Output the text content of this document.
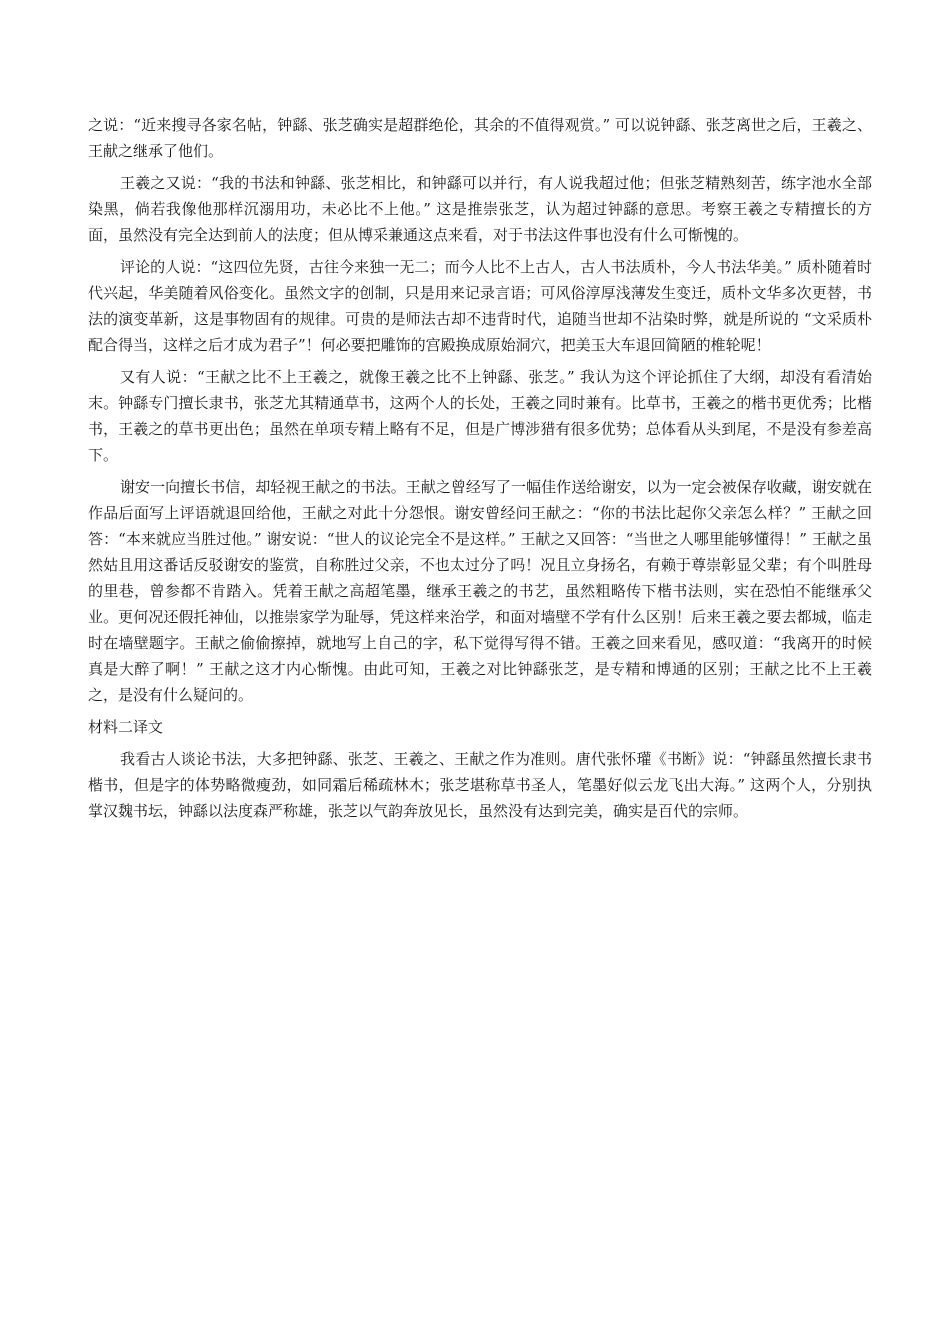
之说：“近来搜寻各家名帖，钟繇、张芝确实是超群绝伦，其余的不值得观赏。” 可以说钟繇、张芝离世之后，王羲之、王献之继承了他们。

王羲之又说：“我的书法和钟繇、张芝相比，和钟繇可以并行，有人说我超过他；但张芝精熟刻苦，练字池水全部染黑，倘若我像他那样沉溺用功，未必比不上他。” 这是推崇张芝，认为超过钟繇的意思。考察王羲之专精擅长的方面，虽然没有完全达到前人的法度；但从博采兼通这点来看，对于书法这件事也没有什么可惭愧的。

评论的人说：“这四位先贤，古往今来独一无二；而今人比不上古人，古人书法质朴，今人书法华美。” 质朴随着时代兴起，华美随着风俗变化。虽然文字的创制，只是用来记录言语；可风俗淳厚浅薄发生变迁，质朴文华多次更替，书法的演变革新，这是事物固有的规律。可贵的是师法古却不违背时代，追随当世却不沾染时弊，就是所说的 “文采质朴配合得当，这样之后才成为君子”！何必要把雕饰的宫殿换成原始洞穴，把美玉大车退回简陋的椎轮呢！

又有人说：“王献之比不上王羲之，就像王羲之比不上钟繇、张芝。” 我认为这个评论抓住了大纲，却没有看清始末。钟繇专门擅长隶书，张芝尤其精通草书，这两个人的长处，王羲之同时兼有。比草书，王羲之的楷书更优秀；比楷书，王羲之的草书更出色；虽然在单项专精上略有不足，但是广博涉猎有很多优势；总体看从头到尾，不是没有参差高下。

谢安一向擅长书信，却轻视王献之的书法。王献之曾经写了一幅佳作送给谢安，以为一定会被保存收藏，谢安就在作品后面写上评语就退回给他，王献之对此十分怨恨。谢安曾经问王献之：“你的书法比起你父亲怎么样？” 王献之回答：“本来就应当胜过他。” 谢安说：“世人的议论完全不是这样。” 王献之又回答：“当世之人哪里能够懂得！” 王献之虽然姑且用这番话反驳谢安的鉴赏，自称胜过父亲，不也太过分了吗！况且立身扬名，有赖于尊崇彰显父辈；有个叫胜母的里巷，曾参都不肯踏入。凭着王献之高超笔墨，继承王羲之的书艺，虽然粗略传下楷书法则，实在恐怕不能继承父业。更何况还假托神仙，以推崇家学为耻辱，凭这样来治学，和面对墙壁不学有什么区别！后来王羲之要去都城，临走时在墙壁题字。王献之偷偷擦掉，就地写上自己的字，私下觉得写得不错。王羲之回来看见，感叹道：“我离开的时候真是大醉了啊！” 王献之这才内心惭愧。由此可知，王羲之对比钟繇张芝，是专精和博通的区别；王献之比不上王羲之，是没有什么疑问的。

材料二译文

我看古人谈论书法，大多把钟繇、张芝、王羲之、王献之作为准则。唐代张怀瓘《书断》说：“钟繇虽然擅长隶书楷书，但是字的体势略微瘦劲，如同霜后稀疏林木；张芝堪称草书圣人，笔墨好似云龙飞出大海。” 这两个人，分别执掌汉魏书坛，钟繇以法度森严称雄，张芝以气韵奔放见长，虽然没有达到完美，确实是百代的宗师。
